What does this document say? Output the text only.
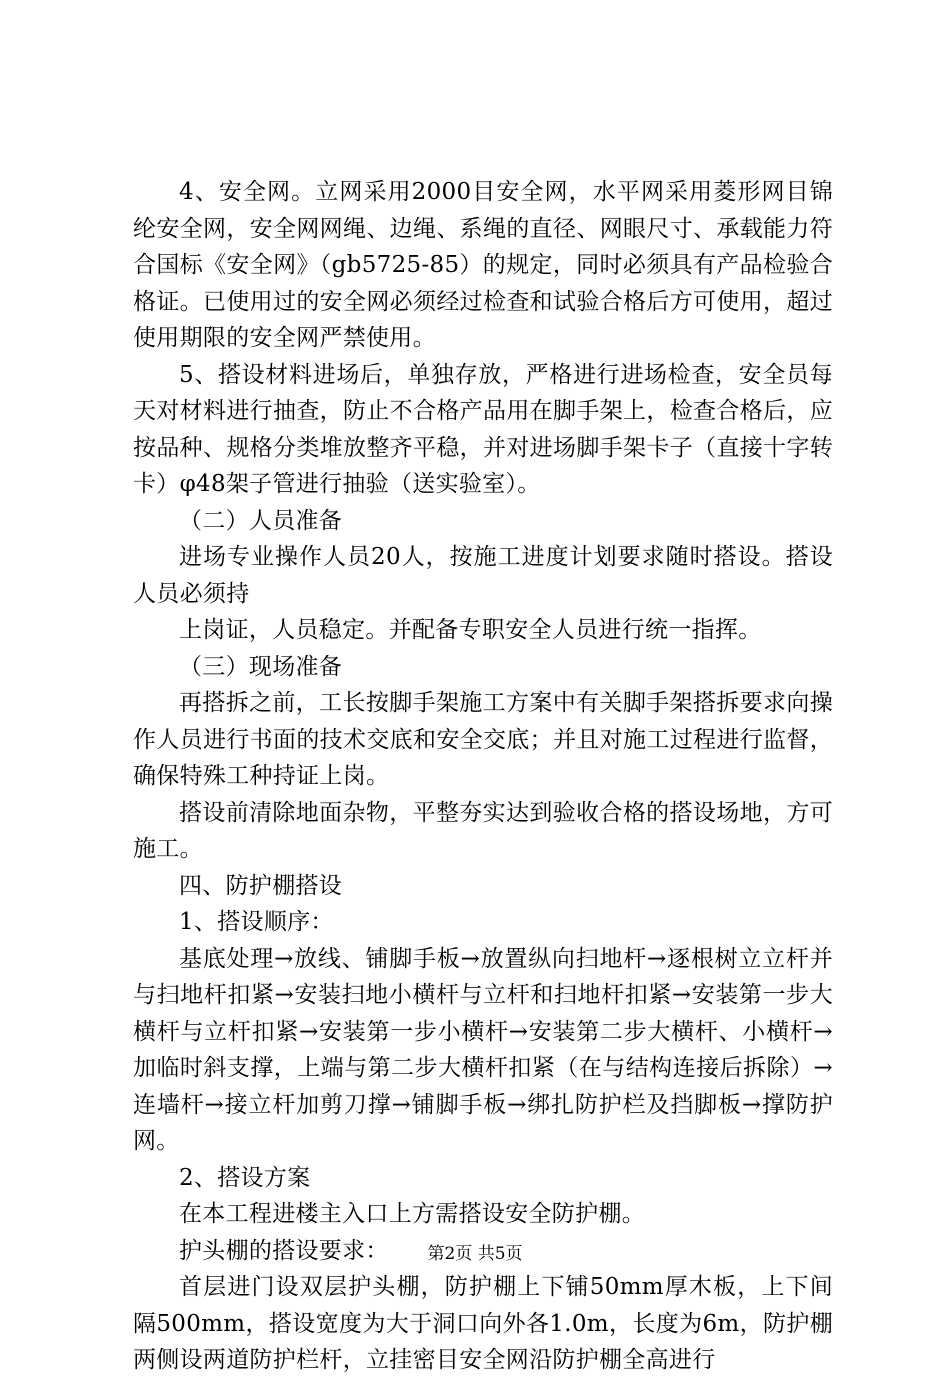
4、安全网。立网采用2000目安全网，水平网采用菱形网目锦纶安全网，安全网网绳、边绳、系绳的直径、网眼尺寸、承载能力符合国标《安全网》（gb5725-85）的规定，同时必须具有产品检验合格证。已使用过的安全网必须经过检查和试验合格后方可使用，超过使用期限的安全网严禁使用。

5、搭设材料进场后，单独存放，严格进行进场检查，安全员每天对材料进行抽查，防止不合格产品用在脚手架上，检查合格后，应按品种、规格分类堆放整齐平稳，并对进场脚手架卡子（直接十字转卡）φ48架子管进行抽验（送实验室）。

（二）人员准备

进场专业操作人员20人，按施工进度计划要求随时搭设。搭设人员必须持

上岗证，人员稳定。并配备专职安全人员进行统一指挥。

（三）现场准备

再搭拆之前，工长按脚手架施工方案中有关脚手架搭拆要求向操作人员进行书面的技术交底和安全交底；并且对施工过程进行监督，确保特殊工种持证上岗。

搭设前清除地面杂物，平整夯实达到验收合格的搭设场地，方可施工。

四、防护棚搭设

1、搭设顺序：

基底处理→放线、铺脚手板→放置纵向扫地杆→逐根树立立杆并与扫地杆扣紧→安装扫地小横杆与立杆和扫地杆扣紧→安装第一步大横杆与立杆扣紧→安装第一步小横杆→安装第二步大横杆、小横杆→加临时斜支撑，上端与第二步大横杆扣紧（在与结构连接后拆除）→连墙杆→接立杆加剪刀撑→铺脚手板→绑扎防护栏及挡脚板→撑防护网。

2、搭设方案

在本工程进楼主入口上方需搭设安全防护棚。

护头棚的搭设要求：

首层进门设双层护头棚，防护棚上下铺50mm厚木板，上下间隔500mm，搭设宽度为大于洞口向外各1.0m，长度为6m，防护棚两侧设两道防护栏杆，立挂密目安全网沿防护棚全高进行

第2页 共5页
